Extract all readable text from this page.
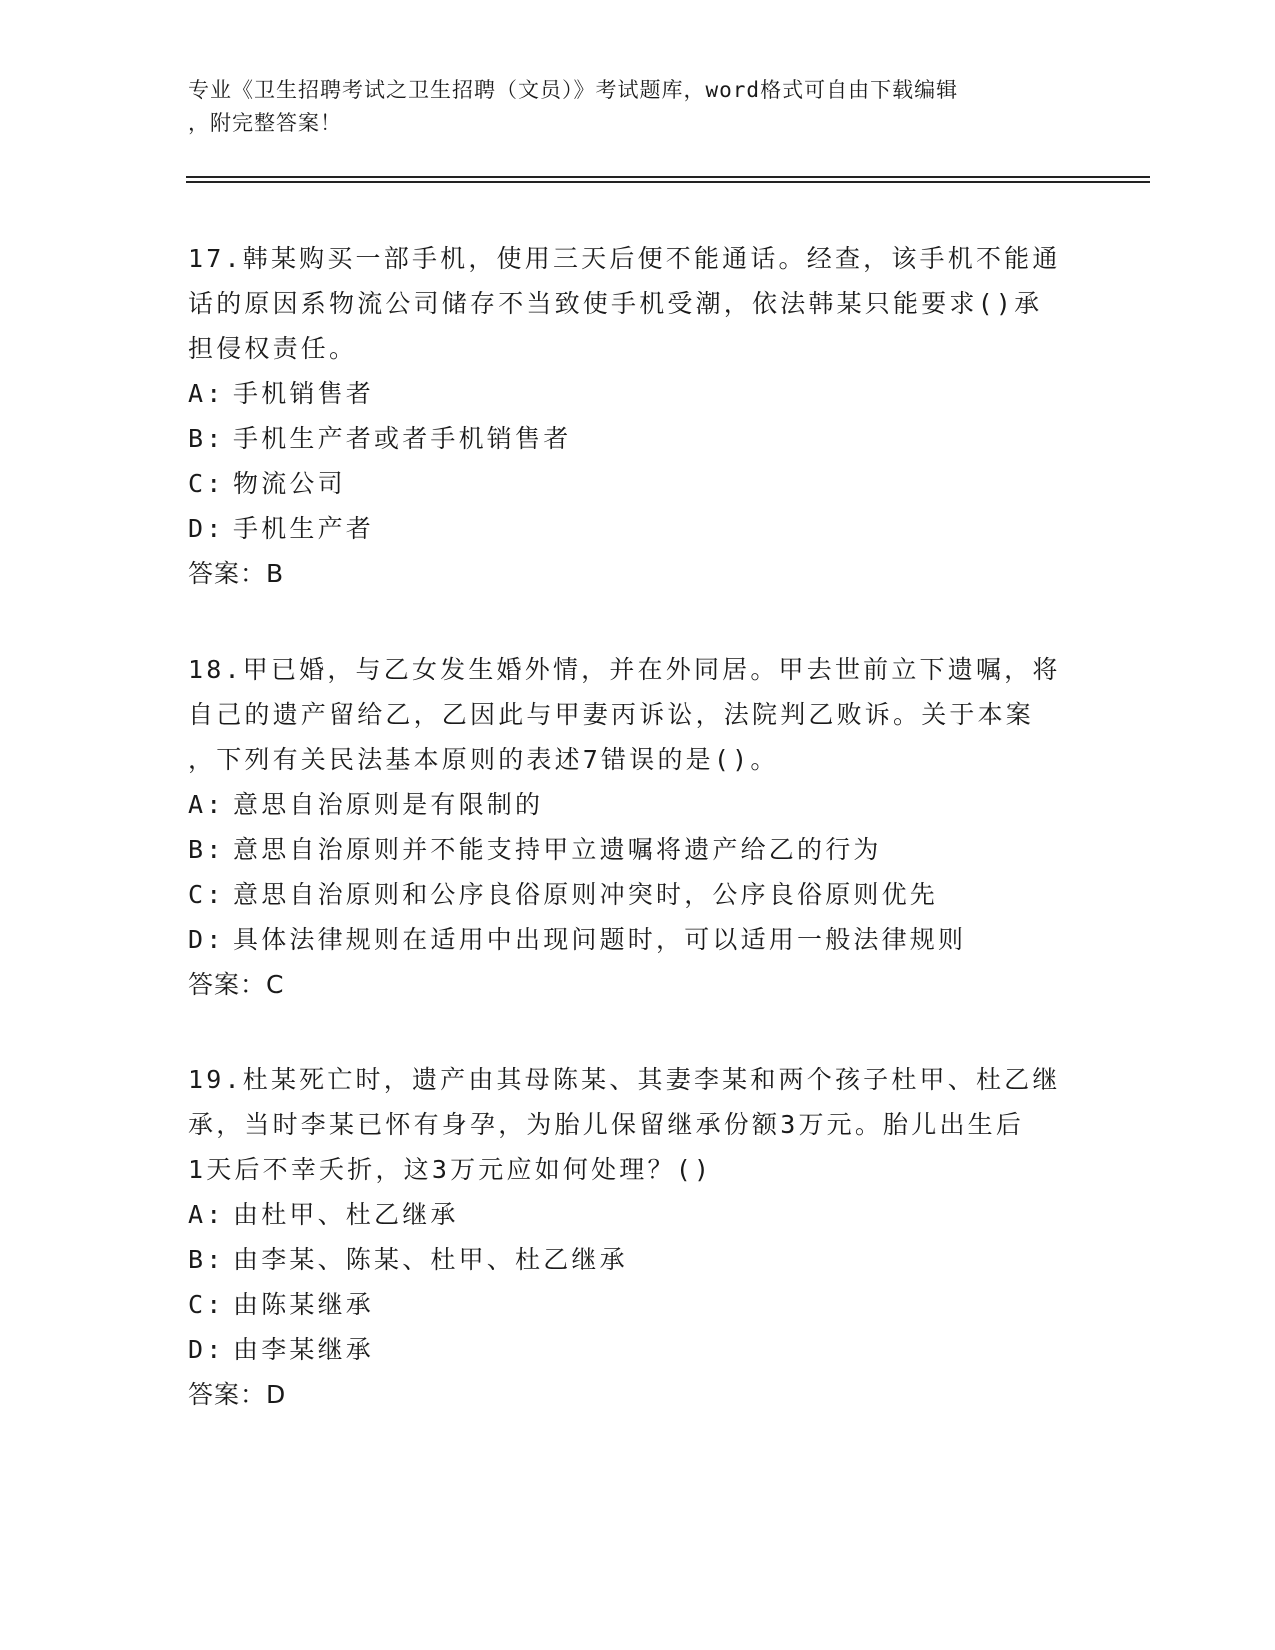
专业《卫生招聘考试之卫生招聘（文员）》考试题库，word格式可自由下载编辑
，附完整答案！
17.韩某购买一部手机，使用三天后便不能通话。经查，该手机不能通
话的原因系物流公司储存不当致使手机受潮，依法韩某只能要求()承
担侵权责任。
A: 手机销售者
B: 手机生产者或者手机销售者
C: 物流公司
D: 手机生产者
答案：B
18.甲已婚，与乙女发生婚外情，并在外同居。甲去世前立下遗嘱，将
自己的遗产留给乙，乙因此与甲妻丙诉讼，法院判乙败诉。关于本案
，下列有关民法基本原则的表述7错误的是()。
A: 意思自治原则是有限制的
B: 意思自治原则并不能支持甲立遗嘱将遗产给乙的行为
C: 意思自治原则和公序良俗原则冲突时，公序良俗原则优先
D: 具体法律规则在适用中出现问题时，可以适用一般法律规则
答案：C
19.杜某死亡时，遗产由其母陈某、其妻李某和两个孩子杜甲、杜乙继
承，当时李某已怀有身孕，为胎儿保留继承份额3万元。胎儿出生后
1天后不幸夭折，这3万元应如何处理？()
A: 由杜甲、杜乙继承
B: 由李某、陈某、杜甲、杜乙继承
C: 由陈某继承
D: 由李某继承
答案：D
